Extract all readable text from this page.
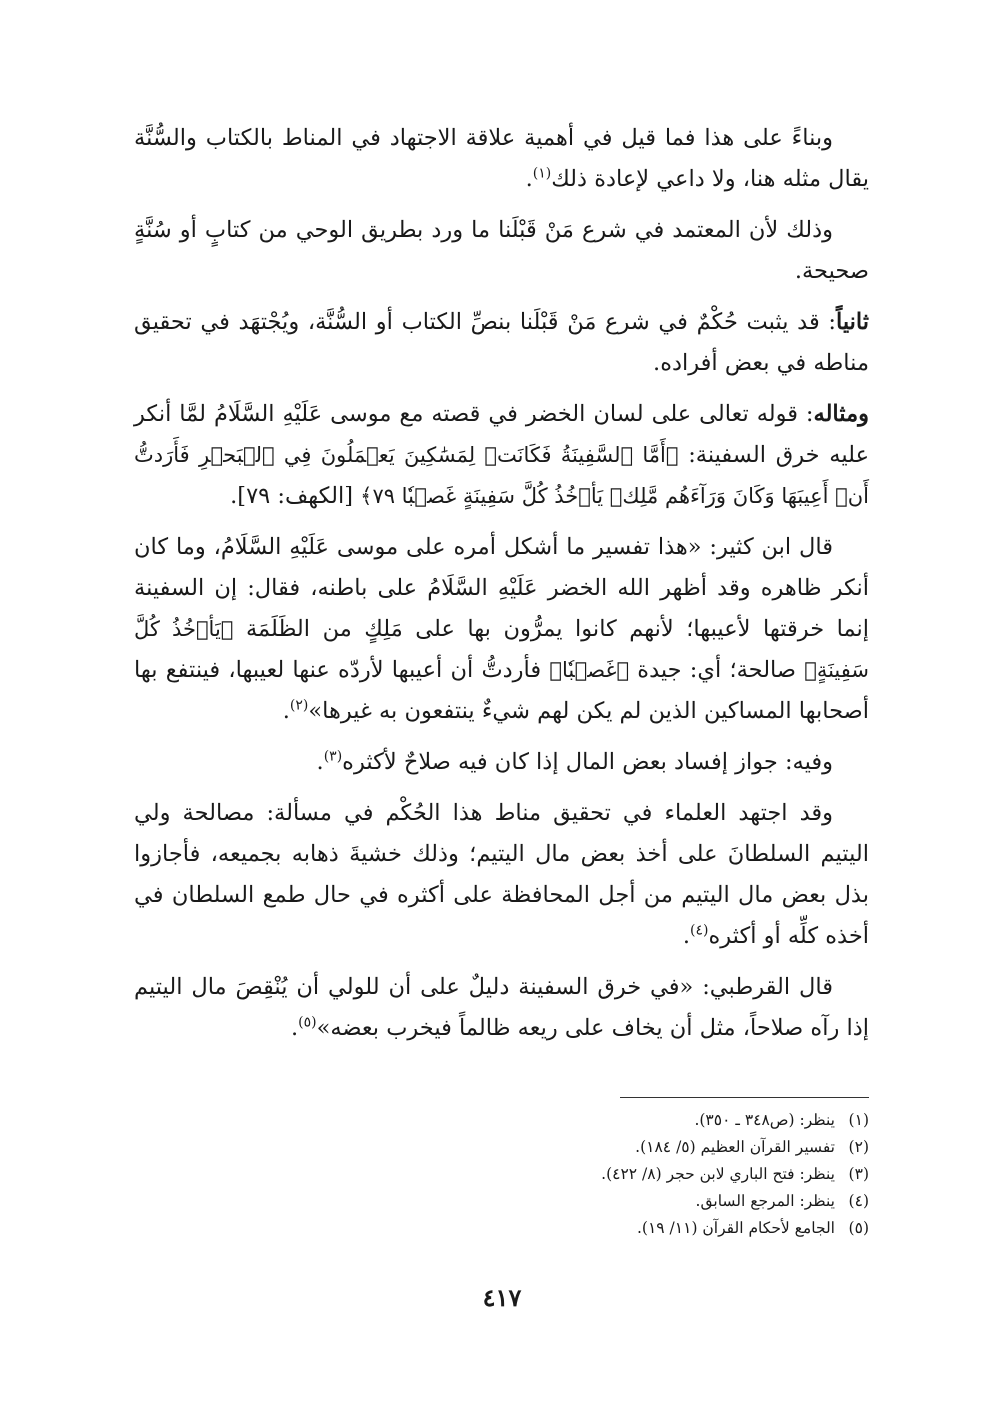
وبناءً على هذا فما قيل في أهمية علاقة الاجتهاد في المناط بالكتاب والسُّنَّة يقال مثله هنا، ولا داعي لإعادة ذلك$^{(١)}$.

وذلك لأن المعتمد في شرع مَنْ قَبْلَنا ما ورد بطريق الوحي من كتابٍ أو سُنَّةٍ صحيحة.

ثانياً: قد يثبت حُكْمٌ في شرع مَنْ قَبْلَنا بنصِّ الكتاب أو السُّنَّة، ويُجْتهَد في تحقيق مناطه في بعض أفراده.

ومثاله: قوله تعالى على لسان الخضر في قصته مع موسى عَلَيْهِ السَّلَامُ لمَّا أنكر عليه خرق السفينة: ﴿أَمَّا ٱلسَّفِينَةُ فَكَانَتۡ لِمَسَٰكِينَ يَعۡمَلُونَ فِي ٱلۡبَحۡرِ فَأَرَدتُّ أَنۡ أَعِيبَهَا وَكَانَ وَرَآءَهُم مَّلِكٞ يَأۡخُذُ كُلَّ سَفِينَةٍ غَصۡبٗا ٧٩﴾ [الكهف: ٧٩].

قال ابن كثير: «هذا تفسير ما أشكل أمره على موسى عَلَيْهِ السَّلَامُ، وما كان أنكر ظاهره وقد أظهر الله الخضر عَلَيْهِ السَّلَامُ على باطنه، فقال: إن السفينة إنما خرقتها لأعيبها؛ لأنهم كانوا يمرُّون بها على مَلِكٍ من الظَلَمَة ﴿يَأۡخُذُ كُلَّ سَفِينَةٍ﴾ صالحة؛ أي: جيدة ﴿غَصۡبٗا﴾ فأردتُّ أن أعيبها لأردّه عنها لعيبها، فينتفع بها أصحابها المساكين الذين لم يكن لهم شيءٌ ينتفعون به غيرها»$^{(٢)}$.

وفيه: جواز إفساد بعض المال إذا كان فيه صلاحٌ لأكثره$^{(٣)}$.

وقد اجتهد العلماء في تحقيق مناط هذا الحُكْم في مسألة: مصالحة ولي اليتيم السلطانَ على أخذ بعض مال اليتيم؛ وذلك خشيةَ ذهابه بجميعه، فأجازوا بذل بعض مال اليتيم من أجل المحافظة على أكثره في حال طمع السلطان في أخذه كلِّه أو أكثره$^{(٤)}$.

قال القرطبي: «في خرق السفينة دليلٌ على أن للولي أن يُنْقِصَ مال اليتيم إذا رآه صلاحاً، مثل أن يخاف على ريعه ظالماً فيخرب بعضه»$^{(٥)}$.

(١)
ينظر: (ص٣٤٨ ـ ٣٥٠).
(٢)
تفسير القرآن العظيم (٥/ ١٨٤).
(٣)
ينظر: فتح الباري لابن حجر (٨/ ٤٢٢).
(٤)
ينظر: المرجع السابق.
(٥)
الجامع لأحكام القرآن (١١/ ١٩).
٤١٧
